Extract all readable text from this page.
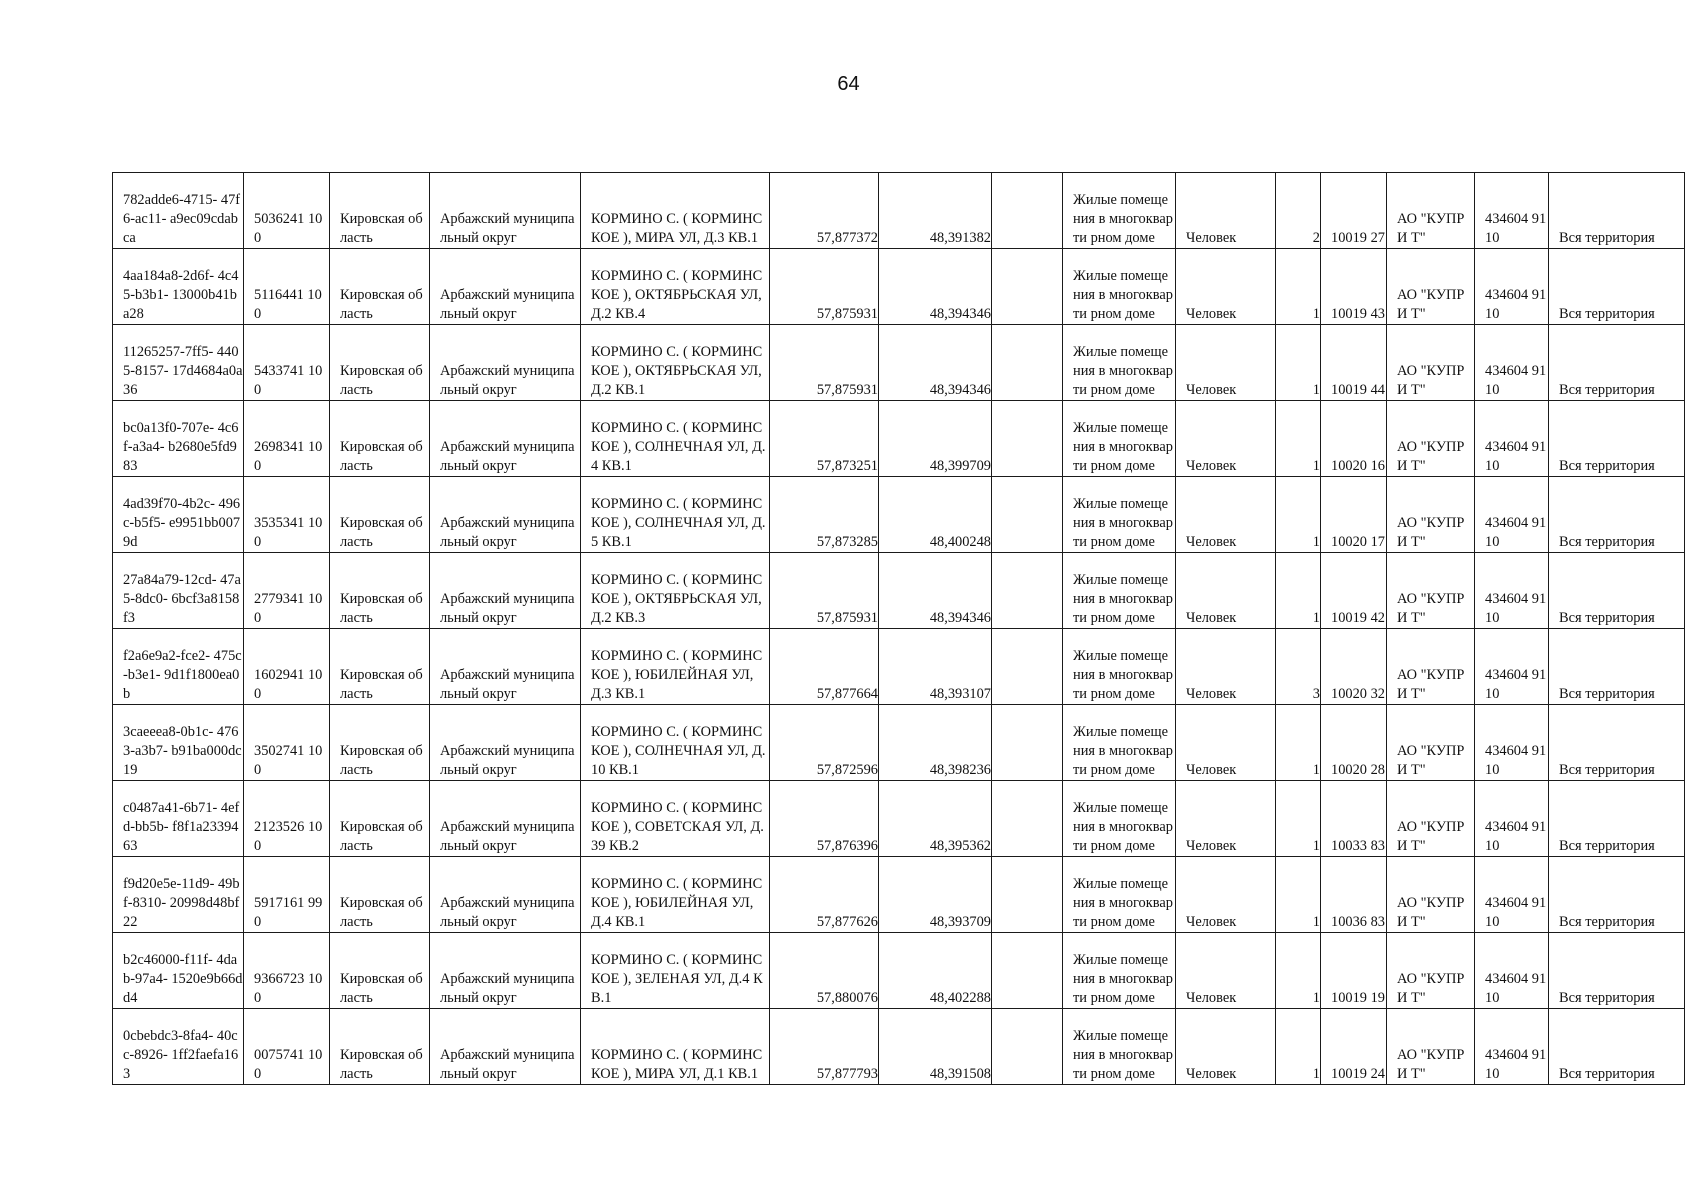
64
782adde6-4715- 47f6-ac11- a9ec09cdabca	5036241 100	Кировская область	Арбажский муниципальный округ	КОРМИНО С. ( КОРМИНСКОЕ ), МИРА УЛ, Д.3 КВ.1	57,877372	48,391382		Жилые помещения в многокварти рном доме	Человек	2	10019 27	АО "КУПРИ Т"	434604 9110	Вся территория
4aa184a8-2d6f- 4c45-b3b1- 13000b41ba28	5116441 100	Кировская область	Арбажский муниципальный округ	КОРМИНО С. ( КОРМИНСКОЕ ), ОКТЯБРЬСКАЯ УЛ, Д.2 КВ.4	57,875931	48,394346		Жилые помещения в многокварти рном доме	Человек	1	10019 43	АО "КУПРИ Т"	434604 9110	Вся территория
11265257-7ff5- 4405-8157- 17d4684a0a36	5433741 100	Кировская область	Арбажский муниципальный округ	КОРМИНО С. ( КОРМИНСКОЕ ), ОКТЯБРЬСКАЯ УЛ, Д.2 КВ.1	57,875931	48,394346		Жилые помещения в многокварти рном доме	Человек	1	10019 44	АО "КУПРИ Т"	434604 9110	Вся территория
bc0a13f0-707e- 4c6f-a3a4- b2680e5fd983	2698341 100	Кировская область	Арбажский муниципальный округ	КОРМИНО С. ( КОРМИНСКОЕ ), СОЛНЕЧНАЯ УЛ, Д.4 КВ.1	57,873251	48,399709		Жилые помещения в многокварти рном доме	Человек	1	10020 16	АО "КУПРИ Т"	434604 9110	Вся территория
4ad39f70-4b2c- 496c-b5f5- e9951bb0079d	3535341 100	Кировская область	Арбажский муниципальный округ	КОРМИНО С. ( КОРМИНСКОЕ ), СОЛНЕЧНАЯ УЛ, Д.5 КВ.1	57,873285	48,400248		Жилые помещения в многокварти рном доме	Человек	1	10020 17	АО "КУПРИ Т"	434604 9110	Вся территория
27a84a79-12cd- 47a5-8dc0- 6bcf3a8158f3	2779341 100	Кировская область	Арбажский муниципальный округ	КОРМИНО С. ( КОРМИНСКОЕ ), ОКТЯБРЬСКАЯ УЛ, Д.2 КВ.3	57,875931	48,394346		Жилые помещения в многокварти рном доме	Человек	1	10019 42	АО "КУПРИ Т"	434604 9110	Вся территория
f2a6e9a2-fce2- 475c-b3e1- 9d1f1800ea0b	1602941 100	Кировская область	Арбажский муниципальный округ	КОРМИНО С. ( КОРМИНСКОЕ ), ЮБИЛЕЙНАЯ УЛ, Д.3 КВ.1	57,877664	48,393107		Жилые помещения в многокварти рном доме	Человек	3	10020 32	АО "КУПРИ Т"	434604 9110	Вся территория
3caeeea8-0b1c- 4763-a3b7- b91ba000dc19	3502741 100	Кировская область	Арбажский муниципальный округ	КОРМИНО С. ( КОРМИНСКОЕ ), СОЛНЕЧНАЯ УЛ, Д.10 КВ.1	57,872596	48,398236		Жилые помещения в многокварти рном доме	Человек	1	10020 28	АО "КУПРИ Т"	434604 9110	Вся территория
c0487a41-6b71- 4efd-bb5b- f8f1a2339463	2123526 100	Кировская область	Арбажский муниципальный округ	КОРМИНО С. ( КОРМИНСКОЕ ), СОВЕТСКАЯ УЛ, Д.39 КВ.2	57,876396	48,395362		Жилые помещения в многокварти рном доме	Человек	1	10033 83	АО "КУПРИ Т"	434604 9110	Вся территория
f9d20e5e-11d9- 49bf-8310- 20998d48bf22	5917161 990	Кировская область	Арбажский муниципальный округ	КОРМИНО С. ( КОРМИНСКОЕ ), ЮБИЛЕЙНАЯ УЛ, Д.4 КВ.1	57,877626	48,393709		Жилые помещения в многокварти рном доме	Человек	1	10036 83	АО "КУПРИ Т"	434604 9110	Вся территория
b2c46000-f11f- 4dab-97a4- 1520e9b66dd4	9366723 100	Кировская область	Арбажский муниципальный округ	КОРМИНО С. ( КОРМИНСКОЕ ), ЗЕЛЕНАЯ УЛ, Д.4 КВ.1	57,880076	48,402288		Жилые помещения в многокварти рном доме	Человек	1	10019 19	АО "КУПРИ Т"	434604 9110	Вся территория
0cbebdc3-8fa4- 40cc-8926- 1ff2faefa163	0075741 100	Кировская область	Арбажский муниципальный округ	КОРМИНО С. ( КОРМИНСКОЕ ), МИРА УЛ, Д.1 КВ.1	57,877793	48,391508		Жилые помещения в многокварти рном доме	Человек	1	10019 24	АО "КУПРИ Т"	434604 9110	Вся территория
